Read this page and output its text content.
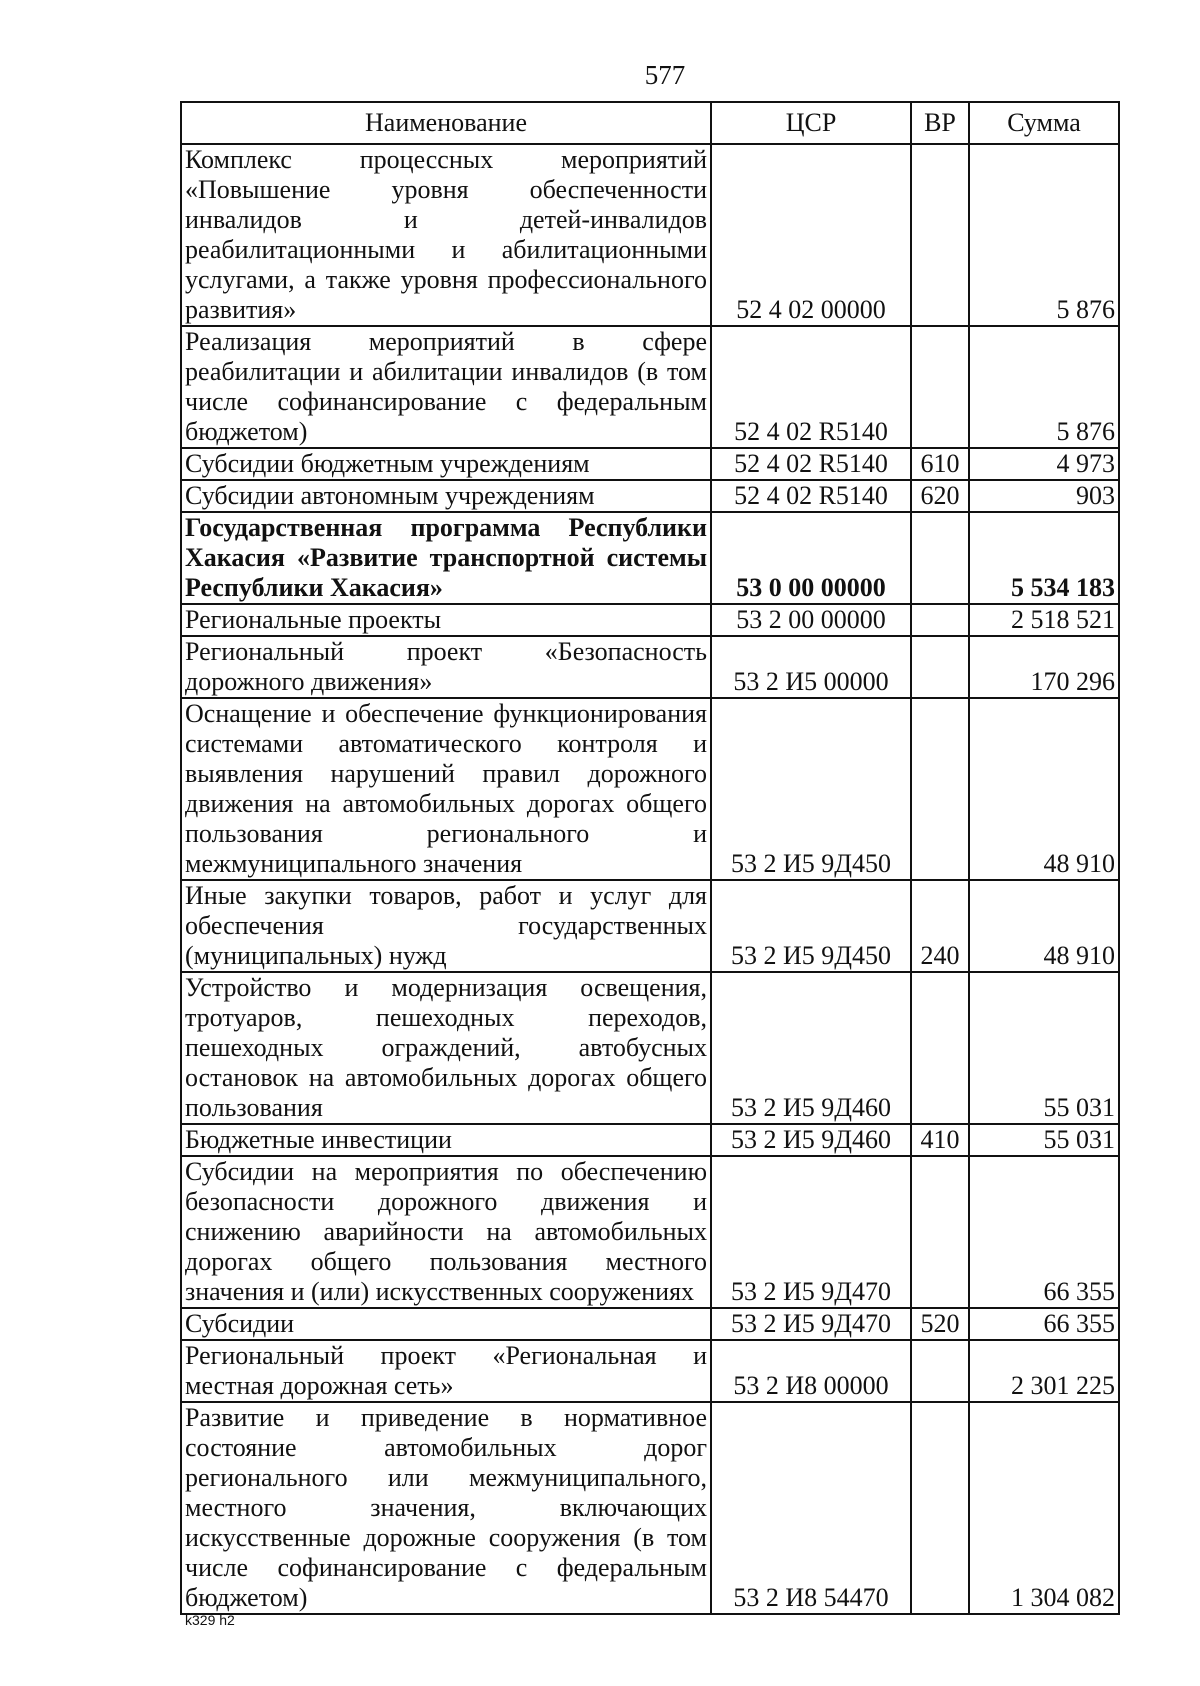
577
Наименование	ЦСР	ВР	Сумма
Комплекс процессных мероприятий «Повышение уровня обеспеченности инвалидов и детей-инвалидов реабилитационными и абилитационными услугами, а также уровня профессионального развития»	52 4 02 00000		5 876
Реализация мероприятий в сфере реабилитации и абилитации инвалидов (в том числе софинансирование с федеральным бюджетом)	52 4 02 R5140		5 876
Субсидии бюджетным учреждениям	52 4 02 R5140	610	4 973
Субсидии автономным учреждениям	52 4 02 R5140	620	903
Государственная программа Республики Хакасия «Развитие транспортной системы Республики Хакасия»	53 0 00 00000		5 534 183
Региональные проекты	53 2 00 00000		2 518 521
Региональный проект «Безопасность дорожного движения»	53 2 И5 00000		170 296
Оснащение и обеспечение функционирования системами автоматического контроля и выявления нарушений правил дорожного движения на автомобильных дорогах общего пользования регионального и межмуниципального значения	53 2 И5 9Д450		48 910
Иные закупки товаров, работ и услуг для обеспечения государственных (муниципальных) нужд	53 2 И5 9Д450	240	48 910
Устройство и модернизация освещения, тротуаров, пешеходных переходов, пешеходных ограждений, автобусных остановок на автомобильных дорогах общего пользования	53 2 И5 9Д460		55 031
Бюджетные инвестиции	53 2 И5 9Д460	410	55 031
Субсидии на мероприятия по обеспечению безопасности дорожного движения и снижению аварийности на автомобильных дорогах общего пользования местного значения и (или) искусственных сооружениях	53 2 И5 9Д470		66 355
Субсидии	53 2 И5 9Д470	520	66 355
Региональный проект «Региональная и местная дорожная сеть»	53 2 И8 00000		2 301 225
Развитие и приведение в нормативное состояние автомобильных дорог регионального или межмуниципального, местного значения, включающих искусственные дорожные сооружения (в том числе софинансирование с федеральным бюджетом)	53 2 И8 54470		1 304 082
k329 h2
